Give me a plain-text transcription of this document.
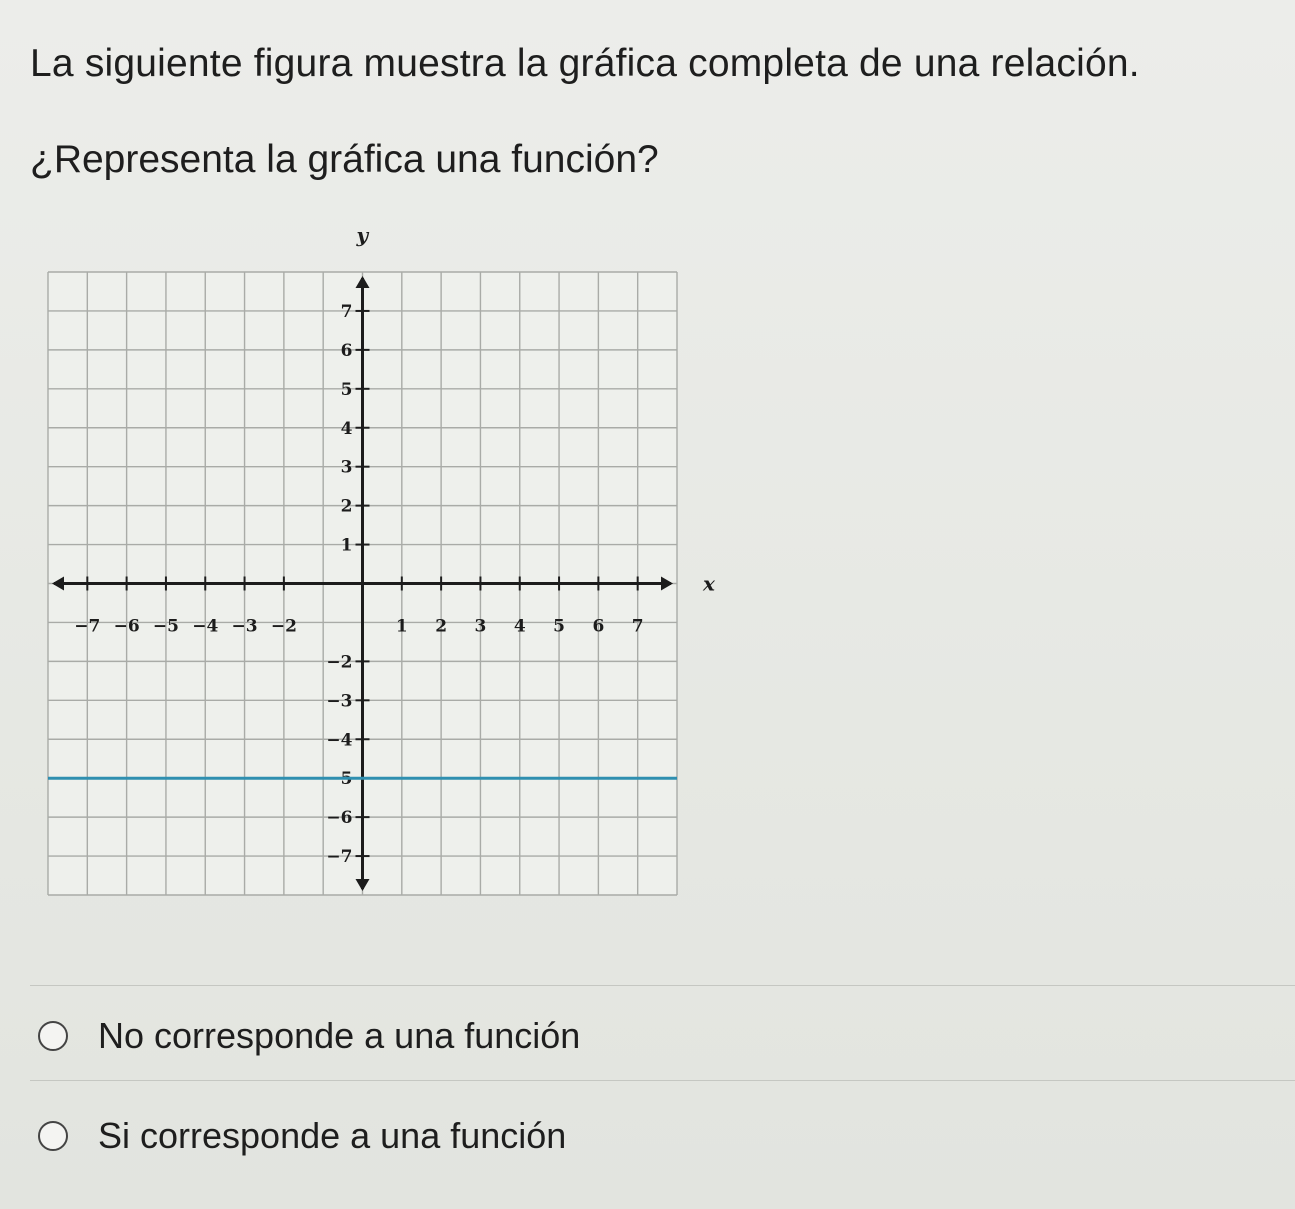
La siguiente figura muestra la gráfica completa de una relación.

¿Representa la gráfica una función?

x
y
−7 −6 −5 −4 −3 −2	1 2 3 4 5 6 7
7
6
5
4
3
2
1
−2
−3
−4
−5
−6
−7
No corresponde a una función
Si corresponde a una función
